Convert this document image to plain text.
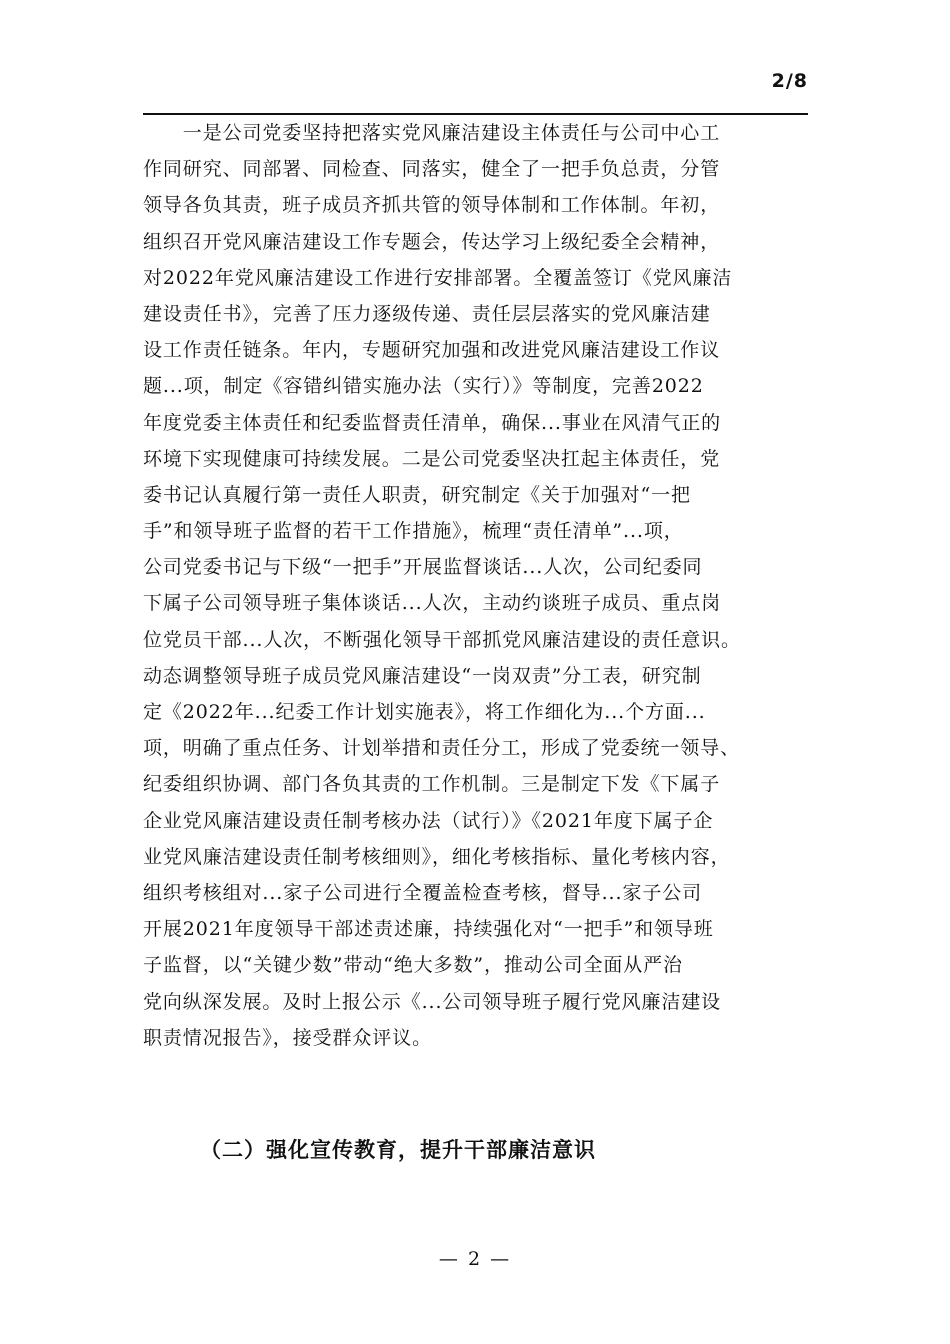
2/8
　　一是公司党委坚持把落实党风廉洁建设主体责任与公司中心工
作同研究、同部署、同检查、同落实，健全了一把手负总责，分管
领导各负其责，班子成员齐抓共管的领导体制和工作体制。年初，
组织召开党风廉洁建设工作专题会，传达学习上级纪委全会精神，
对2022年党风廉洁建设工作进行安排部署。全覆盖签订《党风廉洁
建设责任书》，完善了压力逐级传递、责任层层落实的党风廉洁建
设工作责任链条。年内，专题研究加强和改进党风廉洁建设工作议
题...项，制定《容错纠错实施办法（实行）》等制度，完善2022
年度党委主体责任和纪委监督责任清单，确保...事业在风清气正的
环境下实现健康可持续发展。二是公司党委坚决扛起主体责任，党
委书记认真履行第一责任人职责，研究制定《关于加强对“一把
手”和领导班子监督的若干工作措施》，梳理“责任清单”...项，
公司党委书记与下级“一把手”开展监督谈话...人次，公司纪委同
下属子公司领导班子集体谈话...人次，主动约谈班子成员、重点岗
位党员干部...人次，不断强化领导干部抓党风廉洁建设的责任意识。
动态调整领导班子成员党风廉洁建设“一岗双责”分工表，研究制
定《2022年...纪委工作计划实施表》，将工作细化为...个方面...
项，明确了重点任务、计划举措和责任分工，形成了党委统一领导、
纪委组织协调、部门各负其责的工作机制。三是制定下发《下属子
企业党风廉洁建设责任制考核办法（试行）》《2021年度下属子企
业党风廉洁建设责任制考核细则》，细化考核指标、量化考核内容，
组织考核组对...家子公司进行全覆盖检查考核，督导...家子公司
开展2021年度领导干部述责述廉，持续强化对“一把手”和领导班
子监督，以“关键少数”带动“绝大多数”，推动公司全面从严治
党向纵深发展。及时上报公示《...公司领导班子履行党风廉洁建设
职责情况报告》，接受群众评议。
（二）强化宣传教育，提升干部廉洁意识
— 2 —
